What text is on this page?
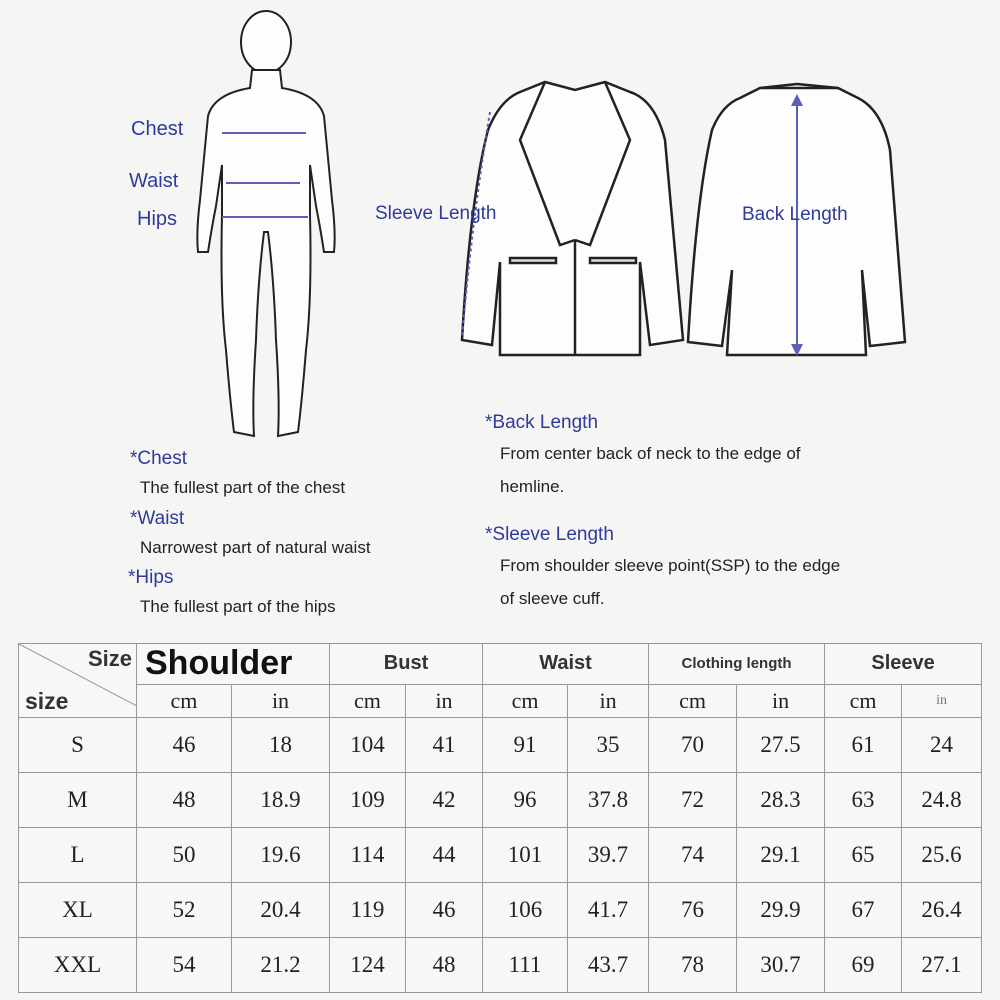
Chest
Waist
Hips	Sleeve Length	Back Length
*Chest
The fullest part of the chest
*Waist
Narrowest part of natural waist
*Hips
The fullest part of the hips
*Back Length
From center back of neck to the edge of
hemline.
*Sleeve Length
From shoulder sleeve point(SSP) to the edge
of sleeve cuff.
Size
size	Shoulder		Bust		Waist		Clothing length		Sleeve	
	cm	in	cm	in	cm	in	cm	in	cm	in
S	46	18	104	41	91	35	70	27.5	61	24
M	48	18.9	109	42	96	37.8	72	28.3	63	24.8
L	50	19.6	114	44	101	39.7	74	29.1	65	25.6
XL	52	20.4	119	46	106	41.7	76	29.9	67	26.4
XXL	54	21.2	124	48	111	43.7	78	30.7	69	27.1
